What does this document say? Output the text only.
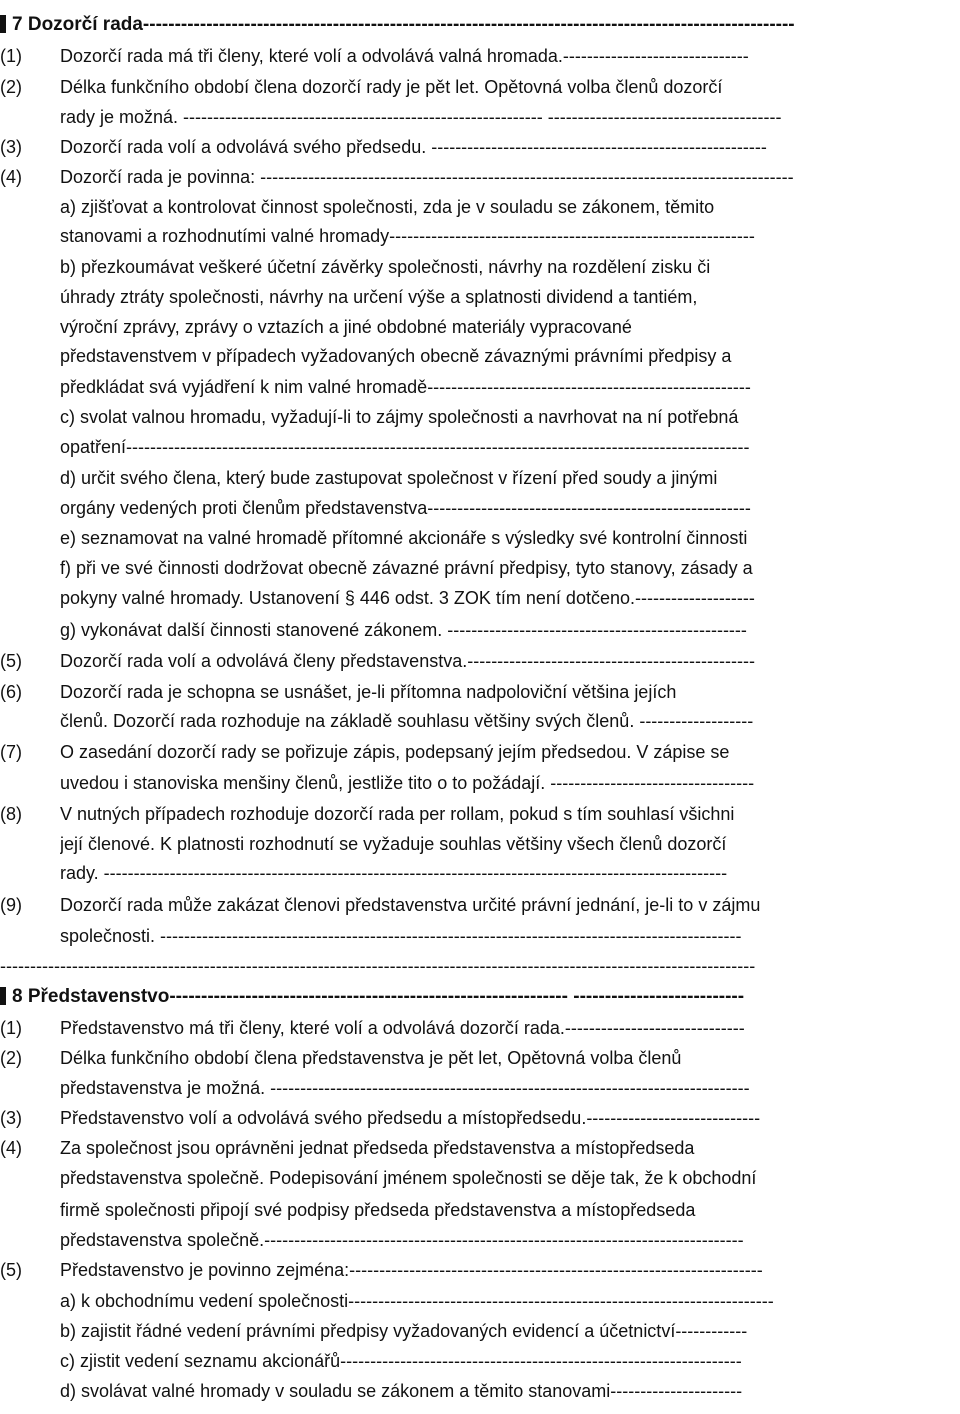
7 Dozorčí rada-------------------------------------------------------------------------------------------------------
(1)	Dozorčí rada má tři členy, které volí a odvolává valná hromada.-------------------------------
(2)	Délka funkčního období člena dozorčí rady je pět let. Opětovná volba členů dozorčí
rady je možná. ------------------------------------------------------------ ---------------------------------------
(3)	Dozorčí rada volí a odvolává svého předsedu. --------------------------------------------------------
(4)	Dozorčí rada je povinna: -----------------------------------------------------------------------------------------
a) zjišťovat a kontrolovat činnost společnosti, zda je v souladu se zákonem, těmito
stanovami a rozhodnutími valné hromady-------------------------------------------------------------
b) přezkoumávat veškeré účetní závěrky společnosti, návrhy na rozdělení zisku či
úhrady ztráty společnosti, návrhy na určení výše a splatnosti dividend a tantiém,
výroční zprávy, zprávy o vztazích a jiné obdobné materiály vypracované
představenstvem v případech vyžadovaných obecně závaznými právními předpisy a
předkládat svá vyjádření k nim valné hromadě------------------------------------------------------
c) svolat valnou hromadu, vyžadují-li to zájmy společnosti a navrhovat na ní potřebná
opatření--------------------------------------------------------------------------------------------------------
d) určit svého člena, který bude zastupovat společnost v řízení před soudy a jinými
orgány vedených proti členům představenstva------------------------------------------------------
e) seznamovat na valné hromadě přítomné akcionáře s výsledky své kontrolní činnosti
f) při ve své činnosti dodržovat obecně závazné právní předpisy, tyto stanovy, zásady a
pokyny valné hromady. Ustanovení § 446 odst. 3 ZOK tím není dotčeno.--------------------
g) vykonávat další činnosti stanovené zákonem. --------------------------------------------------
(5)	Dozorčí rada volí a odvolává členy představenstva.------------------------------------------------
(6)	Dozorčí rada je schopna se usnášet, je-li přítomna nadpoloviční většina jejích
členů. Dozorčí rada rozhoduje na základě souhlasu většiny svých členů. -------------------
(7)	O zasedání dozorčí rady se pořizuje zápis, podepsaný jejím předsedou. V zápise se
uvedou i stanoviska menšiny členů, jestliže tito o to požádají. ----------------------------------
(8)	V nutných případech rozhoduje dozorčí rada per rollam, pokud s tím souhlasí všichni
její členové. K platnosti rozhodnutí se vyžaduje souhlas většiny všech členů dozorčí
rady. --------------------------------------------------------------------------------------------------------
(9)	Dozorčí rada může zakázat členovi představenstva určité právní jednání, je-li to v zájmu
společnosti. -------------------------------------------------------------------------------------------------
------------------------------------------------------------------------------------------------------------------------------
8 Představenstvo--------------------------------------------------------------- ---------------------------
(1)	Představenstvo má tři členy, které volí a odvolává dozorčí rada.------------------------------
(2)	Délka funkčního období člena představenstva je pět let, Opětovná volba členů
představenstva je možná. --------------------------------------------------------------------------------
(3)	Představenstvo volí a odvolává svého předsedu a místopředsedu.-----------------------------
(4)	Za společnost jsou oprávněni jednat předseda představenstva a místopředseda
představenstva společně. Podepisování jménem společnosti se děje tak, že k obchodní
firmě společnosti připojí své podpisy předseda představenstva a místopředseda
představenstva společně.--------------------------------------------------------------------------------
(5)	Představenstvo je povinno zejména:---------------------------------------------------------------------
a) k obchodnímu vedení společnosti-----------------------------------------------------------------------
b) zajistit řádné vedení právními předpisy vyžadovaných evidencí a účetnictví------------
c) zjistit vedení seznamu akcionářů-------------------------------------------------------------------
d) svolávat valné hromady v souladu se zákonem a těmito stanovami----------------------
